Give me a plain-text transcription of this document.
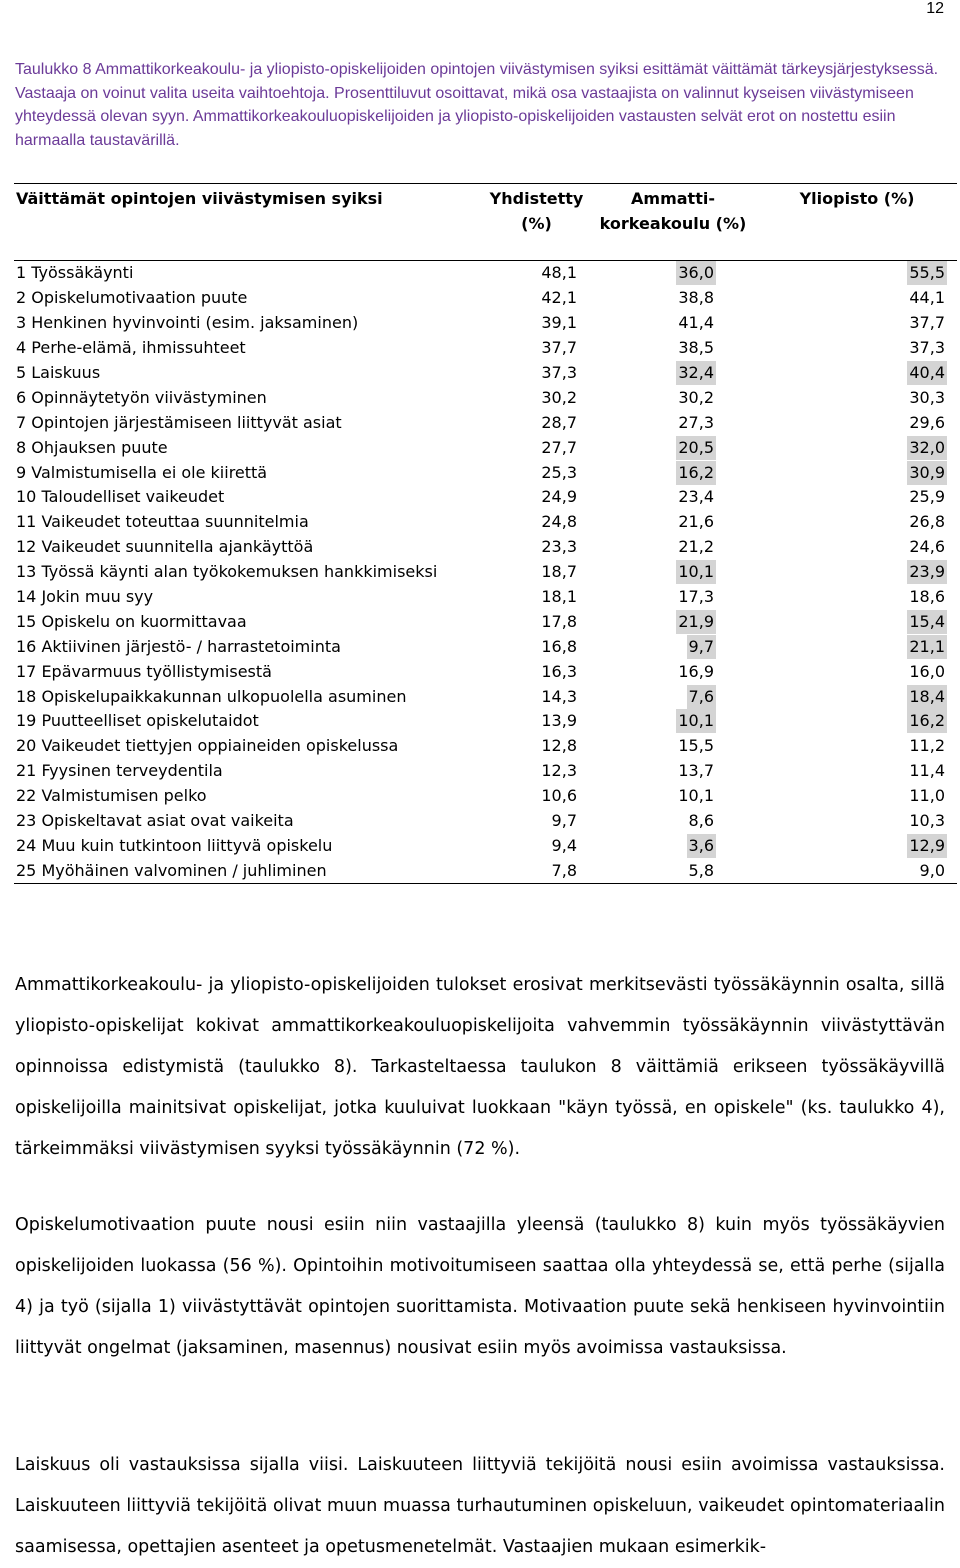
12
Taulukko 8 Ammattikorkeakoulu- ja yliopisto-opiskelijoiden opintojen viivästymisen syiksi esittämät väittämät tärkeysjärjestyksessä. Vastaaja on voinut valita useita vaihtoehtoja. Prosenttiluvut osoittavat, mikä osa vastaajista on valinnut kyseisen viivästymiseen yhteydessä olevan syyn. Ammattikorkeakouluopiskelijoiden ja yliopisto-opiskelijoiden vastausten selvät erot on nostettu esiin harmaalla taustavärillä.
Väittämät opintojen viivästymisen syiksi	Yhdistetty (%)	Ammatti-korkeakoulu (%)	Yliopisto (%)
1 Työssäkäynti	48,1	36,0	55,5
2 Opiskelumotivaation puute	42,1	38,8	44,1
3 Henkinen hyvinvointi (esim. jaksaminen)	39,1	41,4	37,7
4 Perhe-elämä, ihmissuhteet	37,7	38,5	37,3
5 Laiskuus	37,3	32,4	40,4
6 Opinnäytetyön viivästyminen	30,2	30,2	30,3
7 Opintojen järjestämiseen liittyvät asiat	28,7	27,3	29,6
8 Ohjauksen puute	27,7	20,5	32,0
9 Valmistumisella ei ole kiirettä	25,3	16,2	30,9
10 Taloudelliset vaikeudet	24,9	23,4	25,9
11 Vaikeudet toteuttaa suunnitelmia	24,8	21,6	26,8
12 Vaikeudet suunnitella ajankäyttöä	23,3	21,2	24,6
13 Työssä käynti alan työkokemuksen hankkimiseksi	18,7	10,1	23,9
14 Jokin muu syy	18,1	17,3	18,6
15 Opiskelu on kuormittavaa	17,8	21,9	15,4
16 Aktiivinen järjestö- / harrastetoiminta	16,8	9,7	21,1
17 Epävarmuus työllistymisestä	16,3	16,9	16,0
18 Opiskelupaikkakunnan ulkopuolella asuminen	14,3	7,6	18,4
19 Puutteelliset opiskelutaidot	13,9	10,1	16,2
20 Vaikeudet tiettyjen oppiaineiden opiskelussa	12,8	15,5	11,2
21 Fyysinen terveydentila	12,3	13,7	11,4
22 Valmistumisen pelko	10,6	10,1	11,0
23 Opiskeltavat asiat ovat vaikeita	9,7	8,6	10,3
24 Muu kuin tutkintoon liittyvä opiskelu	9,4	3,6	12,9
25 Myöhäinen valvominen / juhliminen	7,8	5,8	9,0

Ammattikorkeakoulu- ja yliopisto-opiskelijoiden tulokset erosivat merkitsevästi työssäkäynnin osalta, sillä yliopisto-opiskelijat kokivat ammattikorkeakouluopiskelijoita vahvemmin työssäkäynnin viivästyttävän opinnoissa edistymistä (taulukko 8). Tarkasteltaessa taulukon 8 väittämiä erikseen työssäkäyvillä opiskelijoilla mainitsivat opiskelijat, jotka kuuluivat luokkaan "käyn työssä, en opiskele" (ks. taulukko 4), tärkeimmäksi viivästymisen syyksi työssäkäynnin (72 %).

Opiskelumotivaation puute nousi esiin niin vastaajilla yleensä (taulukko 8) kuin myös työssäkäyvien opiskelijoiden luokassa (56 %). Opintoihin motivoitumiseen saattaa olla yhteydessä se, että perhe (sijalla 4) ja työ (sijalla 1) viivästyttävät opintojen suorittamista. Motivaation puute sekä henkiseen hyvinvointiin liittyvät ongelmat (jaksaminen, masennus) nousivat esiin myös avoimissa vastauksissa.

Laiskuus oli vastauksissa sijalla viisi. Laiskuuteen liittyviä tekijöitä nousi esiin avoimissa vastauksissa. Laiskuuteen liittyviä tekijöitä olivat muun muassa turhautuminen opiskeluun, vaikeudet opintomateriaalin saamisessa, opettajien asenteet ja opetusmenetelmät. Vastaajien mukaan esimerkik-
